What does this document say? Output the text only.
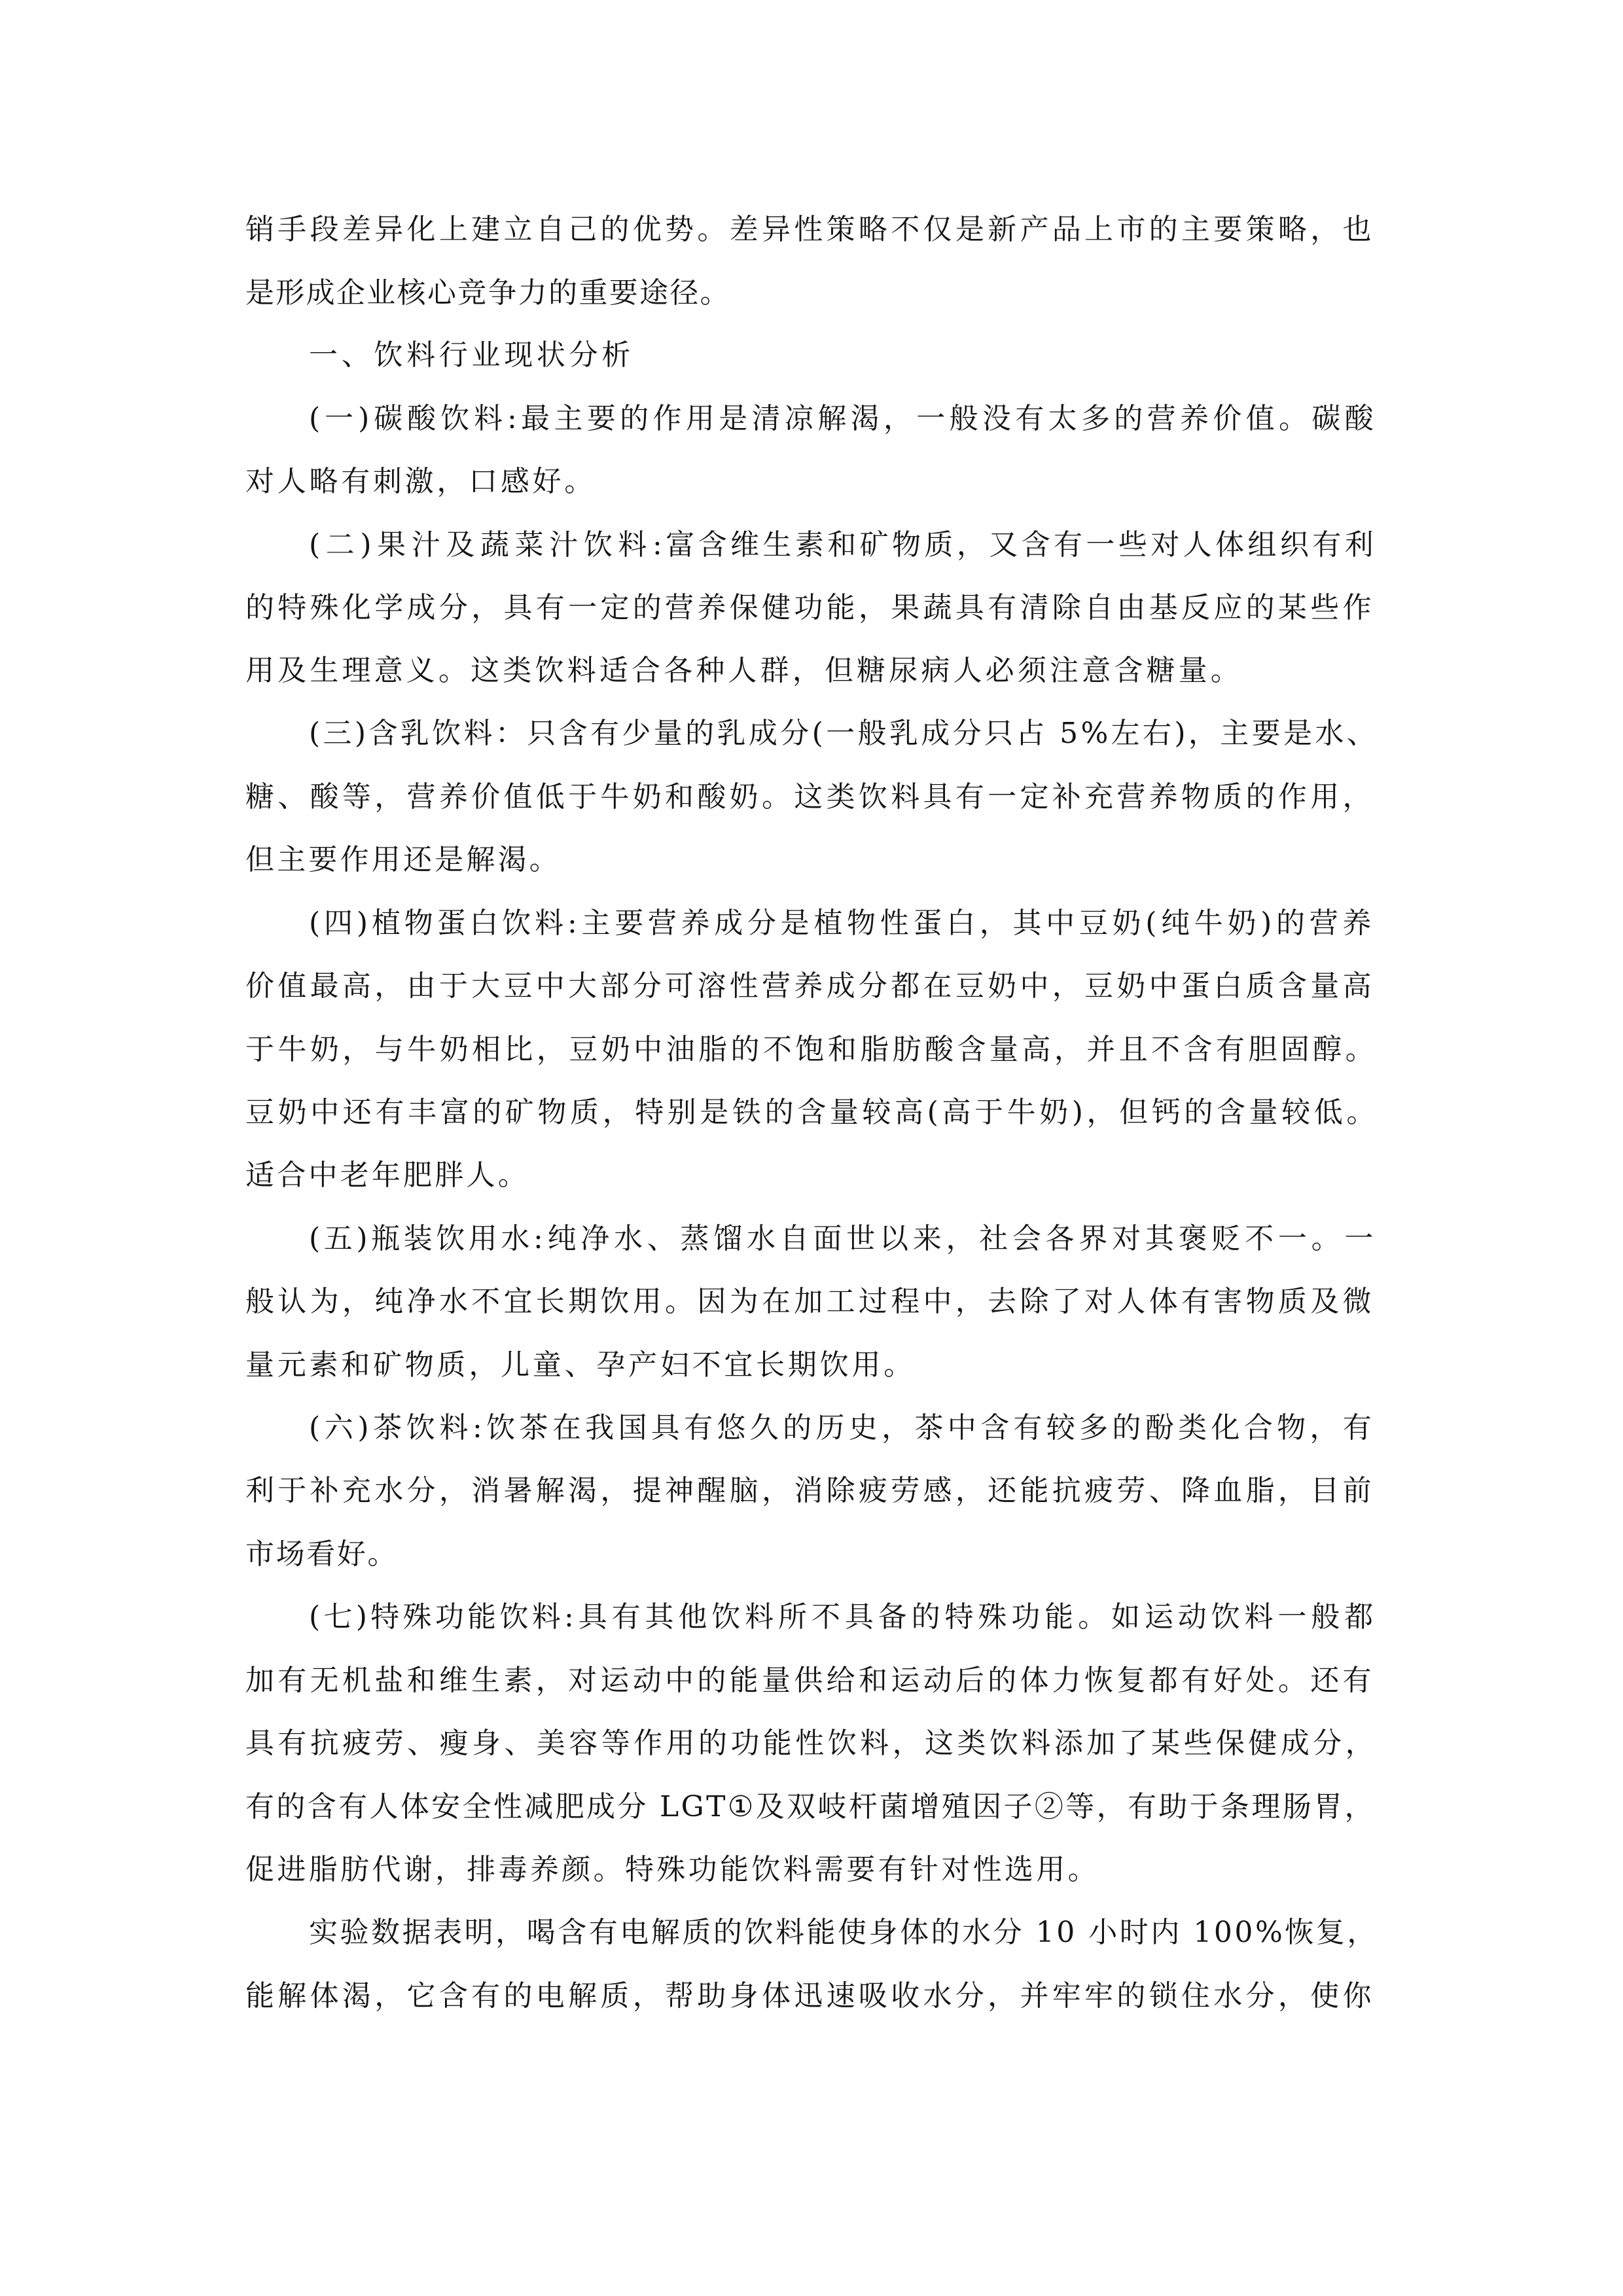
销手段差异化上建立自己的优势。差异性策略不仅是新产品上市的主要策略，也
是形成企业核心竞争力的重要途径。
一、饮料行业现状分析
(一)碳酸饮料 :最主要的作用是清凉解渴，一般没有太多的营养价值。碳酸
对人略有刺激，口感好。
(二)果汁及蔬菜汁饮料 :富含维生素和矿物质，又含有一些对人体组织有利
的特殊化学成分，具有一定的营养保健功能，果蔬具有清除自由基反应的某些作
用及生理意义。这类饮料适合各种人群，但糖尿病人必须注意含糖量。
(三)含乳饮料：只含有少量的乳成分(一般乳成分只占 5%左右)，主要是水、
糖、酸等，营养价值低于牛奶和酸奶。这类饮料具有一定补充营养物质的作用，
但主要作用还是解渴。
(四)植物蛋白饮料 :主要营养成分是植物性蛋白，其中豆奶(纯牛奶)的营养
价值最高，由于大豆中大部分可溶性营养成分都在豆奶中，豆奶中蛋白质含量高
于牛奶，与牛奶相比，豆奶中油脂的不饱和脂肪酸含量高，并且不含有胆固醇。
豆奶中还有丰富的矿物质，特别是铁的含量较高(高于牛奶)，但钙的含量较低。
适合中老年肥胖人。
(五)瓶装饮用水 :纯净水、蒸馏水自面世以来，社会各界对其褒贬不一。一
般认为，纯净水不宜长期饮用。因为在加工过程中，去除了对人体有害物质及微
量元素和矿物质，儿童、孕产妇不宜长期饮用。
(六)茶饮料 :饮茶在我国具有悠久的历史，茶中含有较多的酚类化合物，有
利于补充水分，消暑解渴，提神醒脑，消除疲劳感，还能抗疲劳、降血脂，目前
市场看好。
(七)特殊功能饮料 :具有其他饮料所不具备的特殊功能。如运动饮料一般都
加有无机盐和维生素，对运动中的能量供给和运动后的体力恢复都有好处。还有
具有抗疲劳、瘦身、美容等作用的功能性饮料，这类饮料添加了某些保健成分，
有的含有人体安全性减肥成分 LGT①及双岐杆菌增殖因子②等，有助于条理肠胃，
促进脂肪代谢，排毒养颜。特殊功能饮料需要有针对性选用。
实验数据表明，喝含有电解质的饮料能使身体的水分 10 小时内 100%恢复，
能解体渴，它含有的电解质，帮助身体迅速吸收水分，并牢牢的锁住水分，使你
